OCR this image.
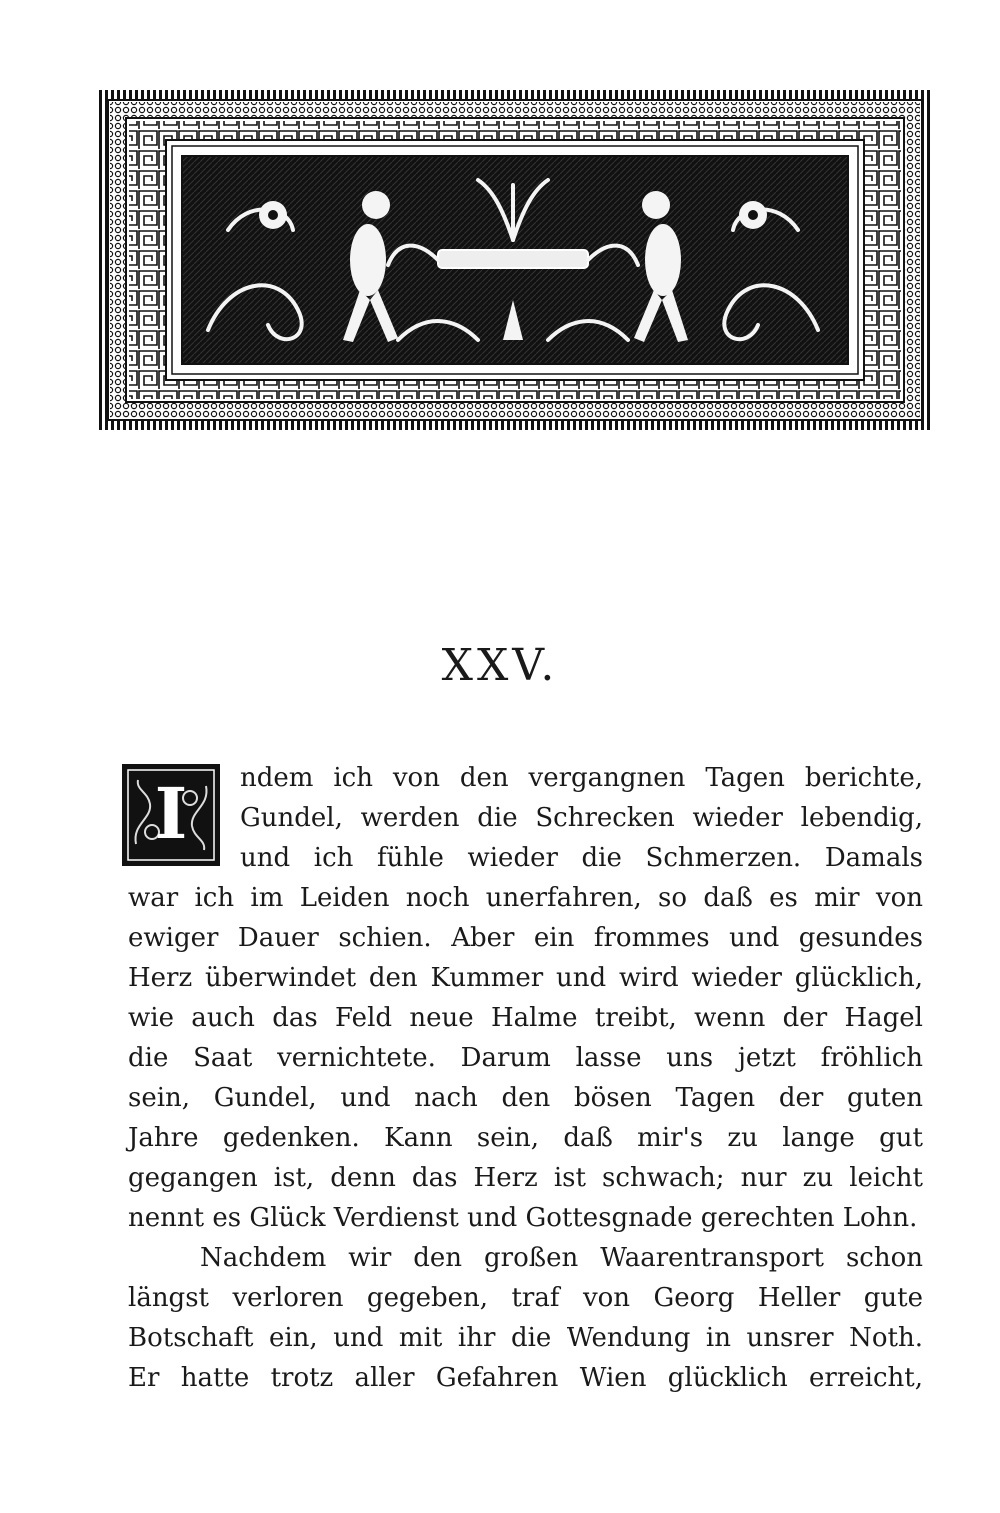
XXV.
I	ndem ich von den vergangnen Tagen berichte,
Gundel, werden die Schrecken wieder lebendig,
und ich fühle wieder die Schmerzen. Damals
war ich im Leiden noch unerfahren, so daß es mir von
ewiger Dauer schien. Aber ein frommes und gesundes
Herz überwindet den Kummer und wird wieder glücklich,
wie auch das Feld neue Halme treibt, wenn der Hagel
die Saat vernichtete. Darum lasse uns jetzt fröhlich
sein, Gundel, und nach den bösen Tagen der guten
Jahre gedenken. Kann sein, daß mir's zu lange gut
gegangen ist, denn das Herz ist schwach; nur zu leicht
nennt es Glück Verdienst und Gottesgnade gerechten Lohn.
Nachdem wir den großen Waarentransport schon
längst verloren gegeben, traf von Georg Heller gute
Botschaft ein, und mit ihr die Wendung in unsrer Noth.
Er hatte trotz aller Gefahren Wien glücklich erreicht,
